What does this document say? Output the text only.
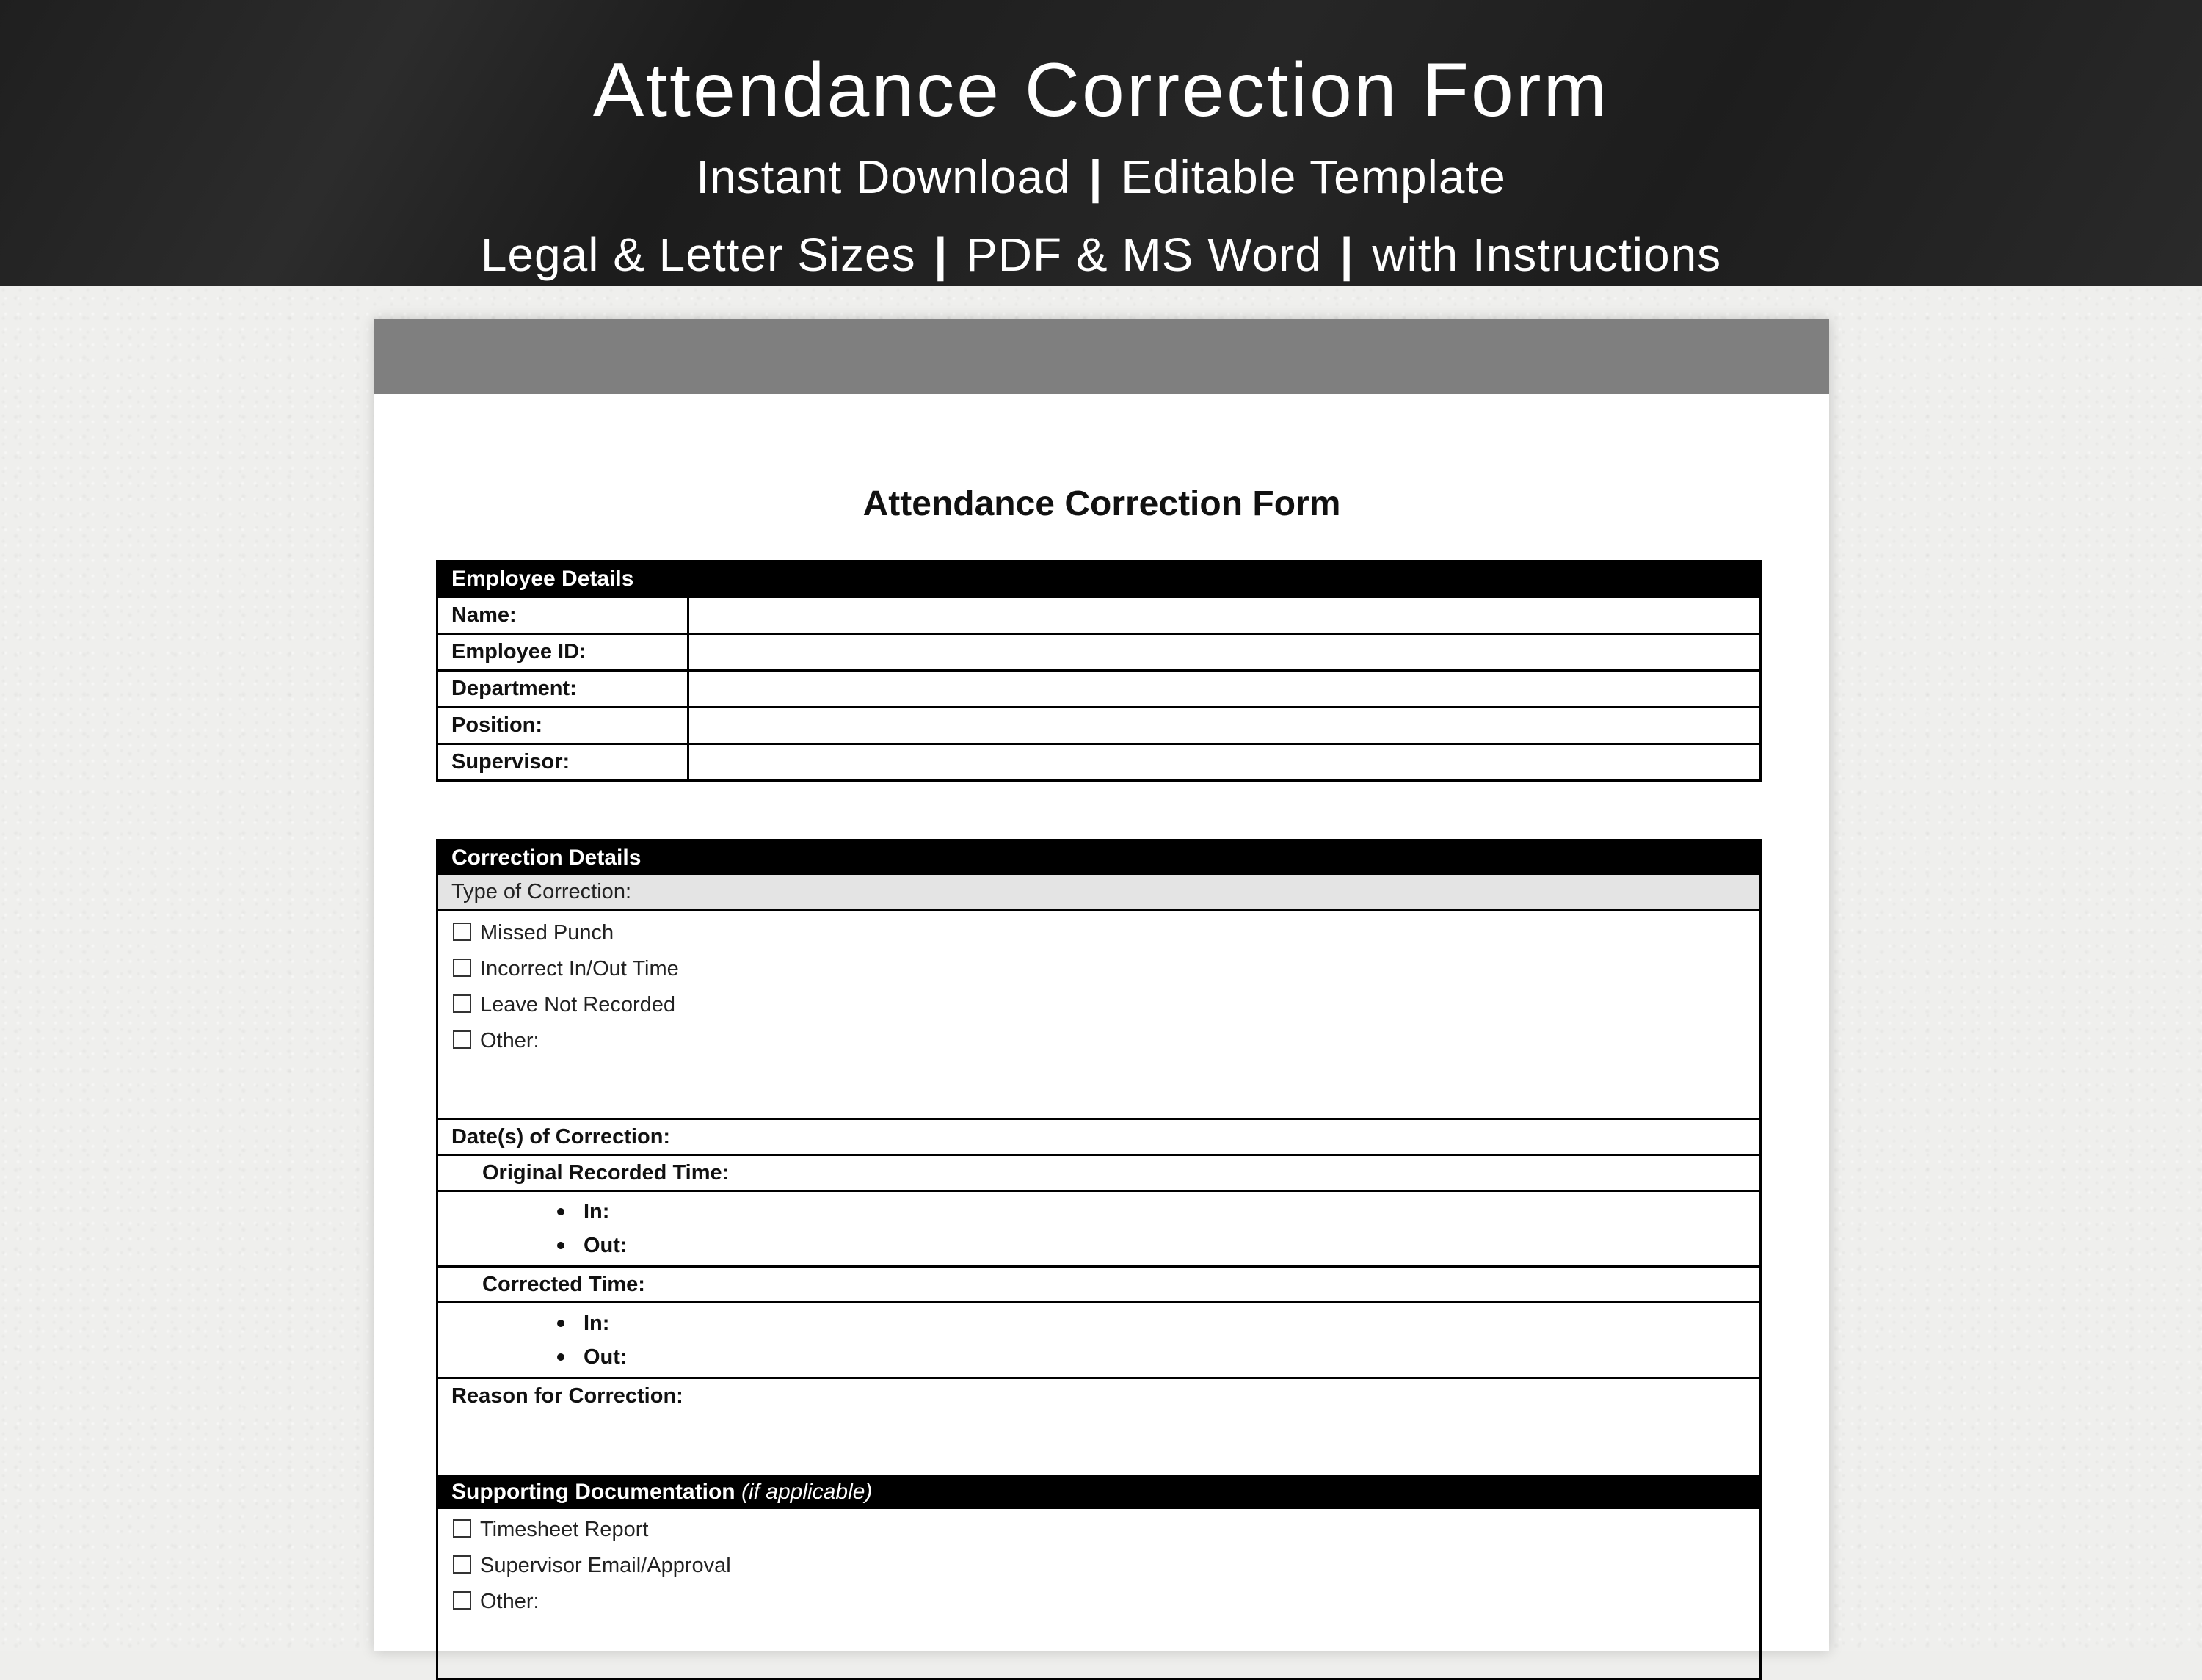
Attendance Correction Form
Instant Download | Editable Template
Legal & Letter Sizes | PDF & MS Word | with Instructions
Attendance Correction Form
Employee Details
Name:
Employee ID:
Department:
Position:
Supervisor:
Correction Details
Type of Correction:
Missed Punch
Incorrect In/Out Time
Leave Not Recorded
Other:
Date(s) of Correction:
Original Recorded Time:
In:
Out:
Corrected Time:
In:
Out:
Reason for Correction:
Supporting Documentation (if applicable)
Timesheet Report
Supervisor Email/Approval
Other:
